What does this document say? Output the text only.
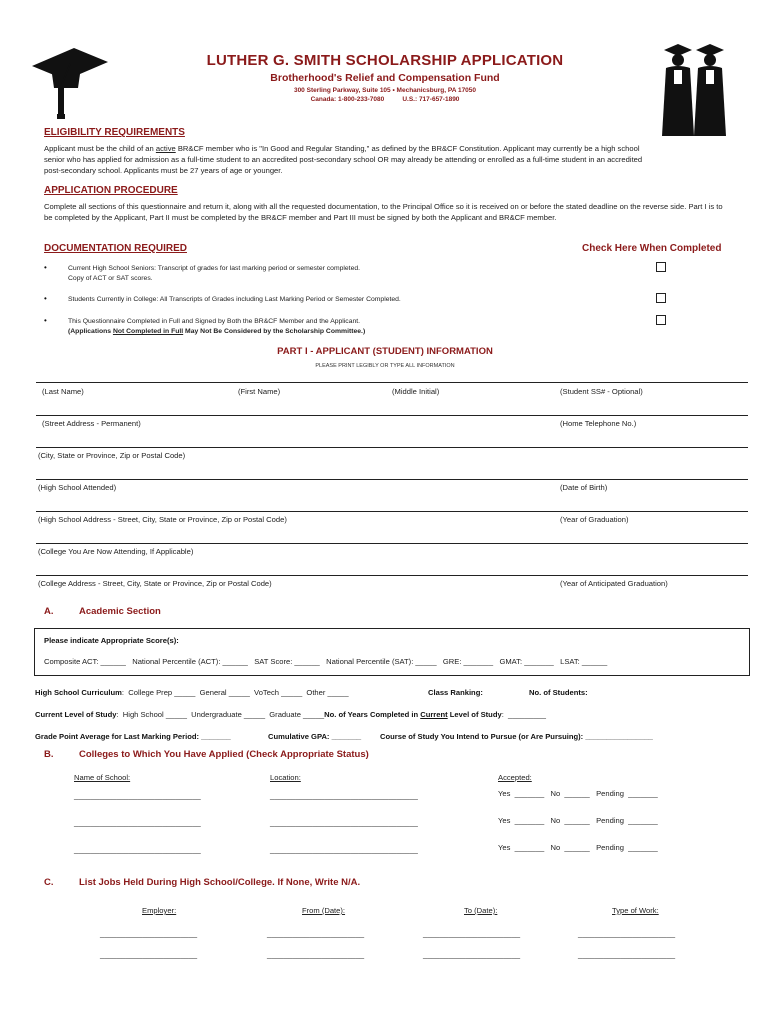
LUTHER G. SMITH SCHOLARSHIP APPLICATION
Brotherhood's Relief and Compensation Fund
300 Sterling Parkway, Suite 105 • Mechanicsburg, PA 17050
Canada: 1-800-233-7080          U.S.: 717-657-1890
ELIGIBILITY REQUIREMENTS
Applicant must be the child of an active BR&CF member who is "In Good and Regular Standing," as defined by the BR&CF Constitution. Applicant may currently be a high school senior who has applied for admission as a full-time student to an accredited post-secondary school OR may already be attending or enrolled as a full-time student in an accredited post-secondary school. Applicants must be 27 years of age or younger.
APPLICATION PROCEDURE
Complete all sections of this questionnaire and return it, along with all the requested documentation, to the Principal Office so it is received on or before the stated deadline on the reverse side. Part I is to be completed by the Applicant, Part II must be completed by the BR&CF member and Part III must be signed by both the Applicant and BR&CF member.
DOCUMENTATION REQUIRED	Check Here When Completed
•	Current High School Seniors: Transcript of grades for last marking period or semester completed.
Copy of ACT or SAT scores.
•	Students Currently in College: All Transcripts of Grades including Last Marking Period or Semester Completed.
•	This Questionnaire Completed in Full and Signed by Both the BR&CF Member and the Applicant.
(Applications Not Completed in Full May Not Be Considered by the Scholarship Committee.)
PART I - APPLICANT (STUDENT) INFORMATION
PLEASE PRINT LEGIBLY OR TYPE ALL INFORMATION
(Last Name)	(First Name)	(Middle Initial)	(Student SS# - Optional)
(Street Address - Permanent)	(Home Telephone No.)
(City, State or Province, Zip or Postal Code)
(High School Attended)	(Date of Birth)
(High School Address - Street, City, State or Province, Zip or Postal Code)	(Year of Graduation)
(College You Are Now Attending, If Applicable)
(College Address - Street, City, State or Province, Zip or Postal Code)	(Year of Anticipated Graduation)
A.	Academic Section
Please indicate Appropriate Score(s):
Composite ACT: ______   National Percentile (ACT): ______   SAT Score: ______   National Percentile (SAT): _____   GRE: _______   GMAT: _______   LSAT: ______
High School Curriculum:  College Prep _____  General _____  VoTech _____  Other _____	Class Ranking:	No. of Students:
Current Level of Study:  High School _____  Undergraduate _____  Graduate _____No. of Years Completed in Current Level of Study:  _________
Grade Point Average for Last Marking Period: _______	Cumulative GPA: _______ Course of Study You Intend to Pursue (or Are Pursuing): ________________
B.	Colleges to Which You Have Applied (Check Appropriate Status)
Name of School:	Location:	Accepted:
______________________________	___________________________________	Yes  _______   No  ______   Pending  _______
______________________________	___________________________________	Yes  _______   No  ______   Pending  _______
______________________________	___________________________________	Yes  _______   No  ______   Pending  _______
C.	List Jobs Held During High School/College. If None, Write N/A.
Employer:	From (Date):	To (Date):	Type of Work:
_______________________	_______________________	_______________________	_______________________
_______________________	_______________________	_______________________	_______________________
